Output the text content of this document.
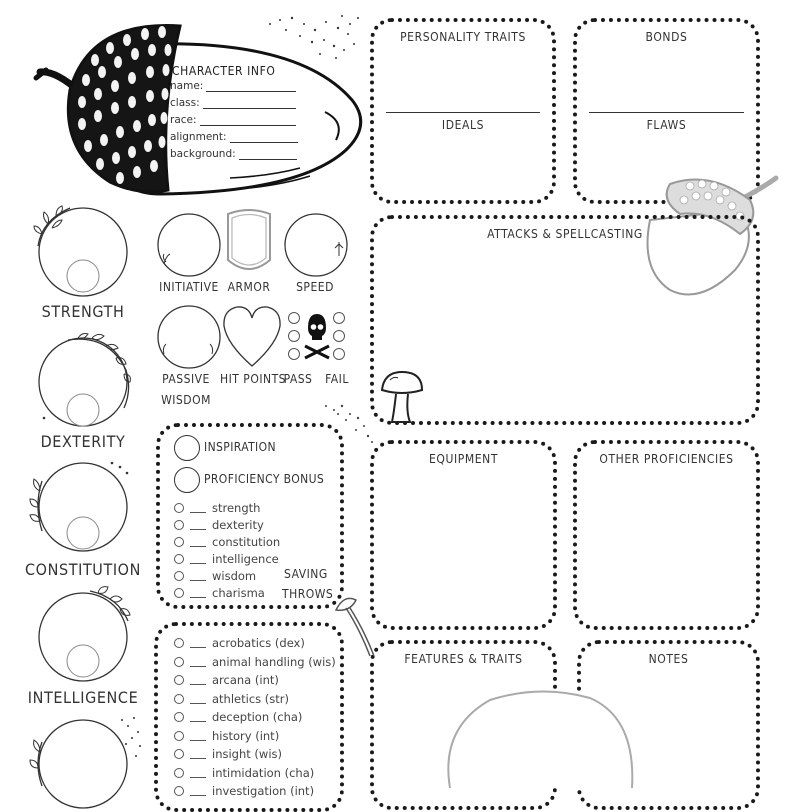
CHARACTER INFO
name:
class:
race:
alignment:
background:
PERSONALITY TRAITS
IDEALS
BONDS
FLAWS
ATTACKS & SPELLCASTING
EQUIPMENT	OTHER PROFICIENCIES
FEATURES & TRAITS	NOTES
STRENGTH
DEXTERITY
CONSTITUTION
INTELLIGENCE
INITIATIVE ARMOR	SPEED
PASSIVE
WISDOM
HIT POINTS
PASS FAIL
INSPIRATION
PROFICIENCY BONUS
strength
dexterity
constitution
intelligence
wisdom
charisma
SAVING
THROWS
acrobatics (dex)
animal handling (wis)
arcana (int)
athletics (str)
deception (cha)
history (int)
insight (wis)
intimidation (cha)
investigation (int)
